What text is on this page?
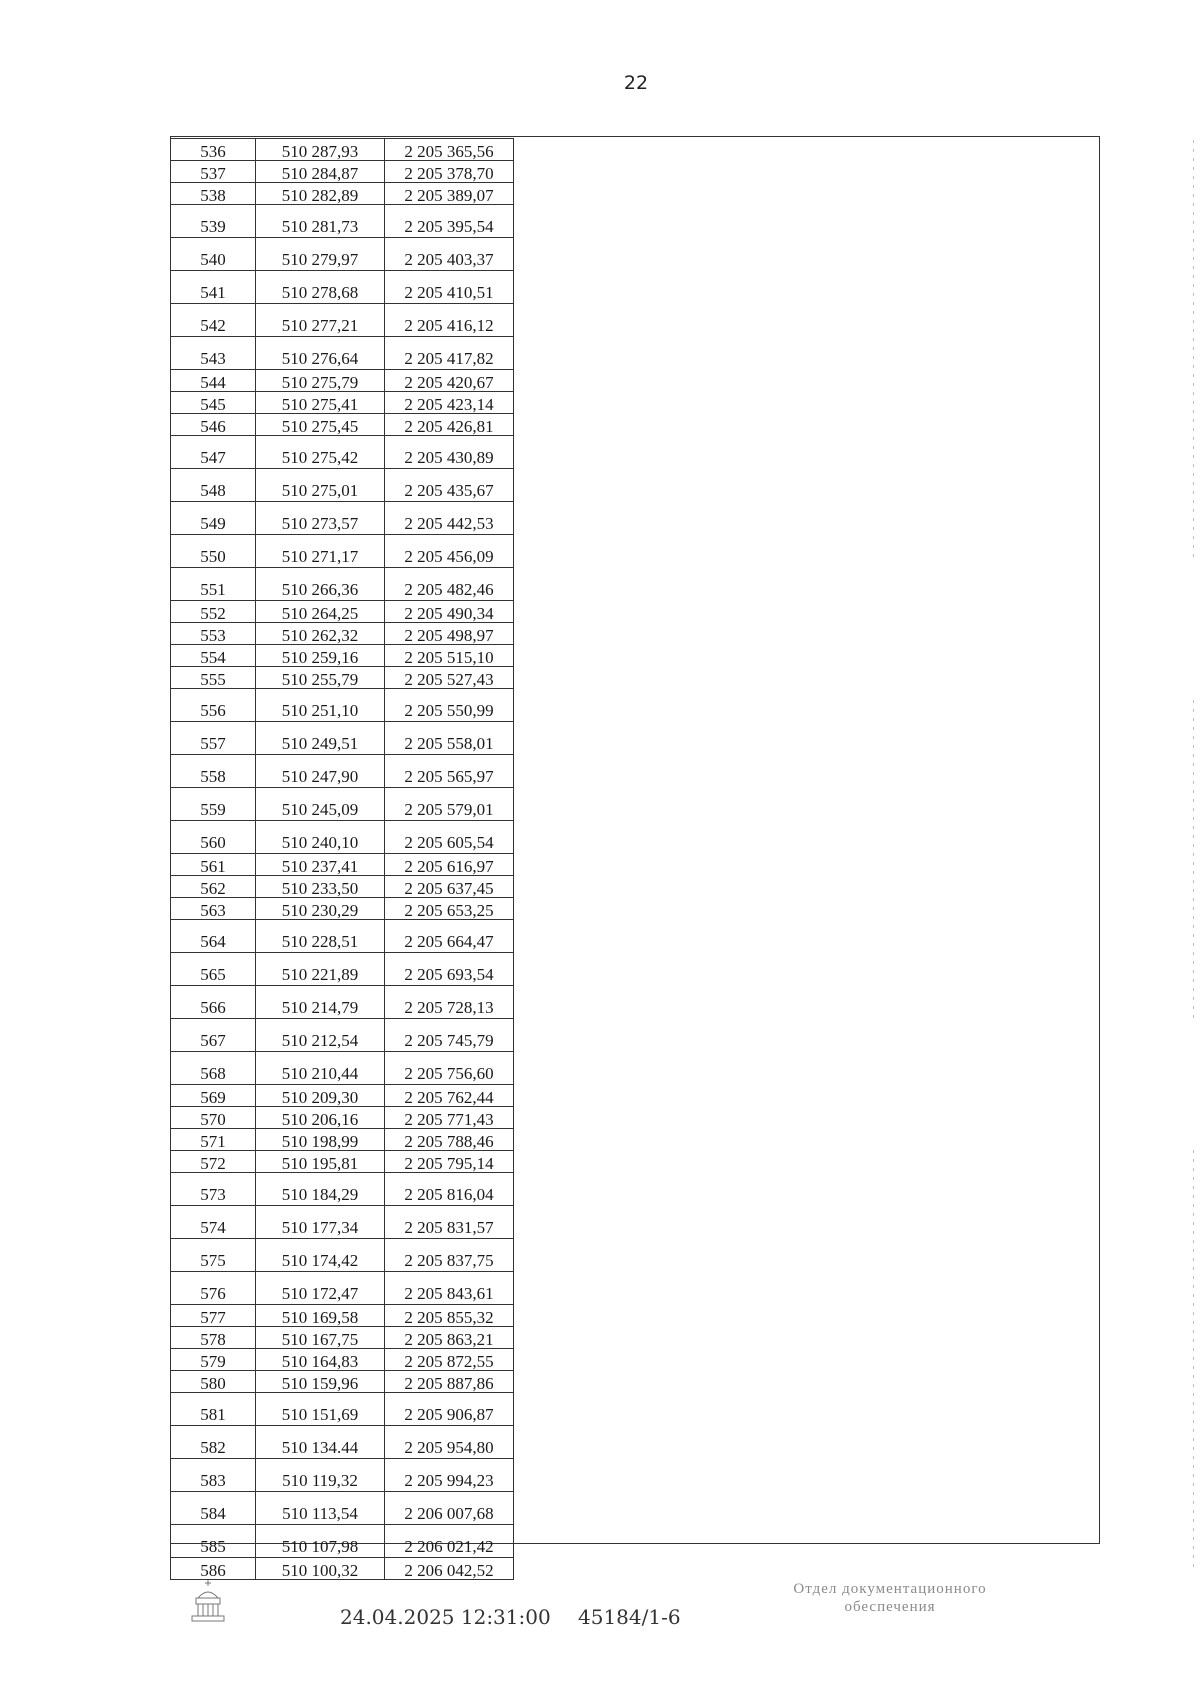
22
536	510 287,93	2 205 365,56
537	510 284,87	2 205 378,70
538	510 282,89	2 205 389,07
539	510 281,73	2 205 395,54
540	510 279,97	2 205 403,37
541	510 278,68	2 205 410,51
542	510 277,21	2 205 416,12
543	510 276,64	2 205 417,82
544	510 275,79	2 205 420,67
545	510 275,41	2 205 423,14
546	510 275,45	2 205 426,81
547	510 275,42	2 205 430,89
548	510 275,01	2 205 435,67
549	510 273,57	2 205 442,53
550	510 271,17	2 205 456,09
551	510 266,36	2 205 482,46
552	510 264,25	2 205 490,34
553	510 262,32	2 205 498,97
554	510 259,16	2 205 515,10
555	510 255,79	2 205 527,43
556	510 251,10	2 205 550,99
557	510 249,51	2 205 558,01
558	510 247,90	2 205 565,97
559	510 245,09	2 205 579,01
560	510 240,10	2 205 605,54
561	510 237,41	2 205 616,97
562	510 233,50	2 205 637,45
563	510 230,29	2 205 653,25
564	510 228,51	2 205 664,47
565	510 221,89	2 205 693,54
566	510 214,79	2 205 728,13
567	510 212,54	2 205 745,79
568	510 210,44	2 205 756,60
569	510 209,30	2 205 762,44
570	510 206,16	2 205 771,43
571	510 198,99	2 205 788,46
572	510 195,81	2 205 795,14
573	510 184,29	2 205 816,04
574	510 177,34	2 205 831,57
575	510 174,42	2 205 837,75
576	510 172,47	2 205 843,61
577	510 169,58	2 205 855,32
578	510 167,75	2 205 863,21
579	510 164,83	2 205 872,55
580	510 159,96	2 205 887,86
581	510 151,69	2 205 906,87
582	510 134.44	2 205 954,80
583	510 119,32	2 205 994,23
584	510 113,54	2 206 007,68
585	510 107,98	2 206 021,42
586	510 100,32	2 206 042,52
24.04.2025 12:31:00 45184/1-6
Отдел документационного
обеспечения
